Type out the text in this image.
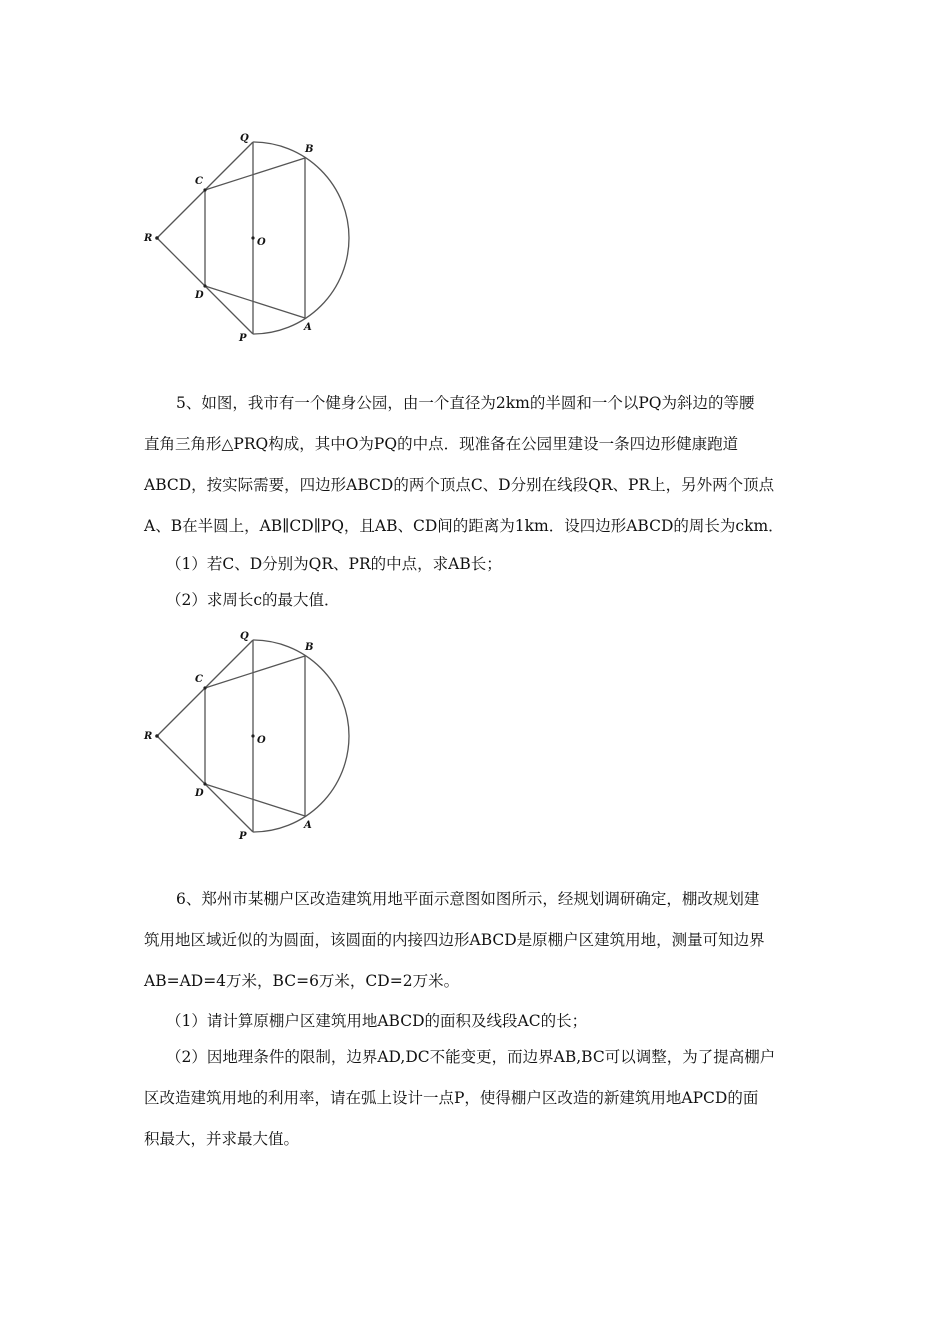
Q
B
C
R	O
D
P
A
5、如图，我市有一个健身公园，由一个直径为2km的半圆和一个以PQ为斜边的等腰
直角三角形△PRQ构成，其中O为PQ的中点．现准备在公园里建设一条四边形健康跑道
ABCD，按实际需要，四边形ABCD的两个顶点C、D分别在线段QR、PR上，另外两个顶点
A、B在半圆上，AB∥CD∥PQ，且AB、CD间的距离为1km．设四边形ABCD的周长为ckm．

（1）若C、D分别为QR、PR的中点，求AB长；

（2）求周长c的最大值．

Q
B
C
R	O
D
P
A
6、郑州市某棚户区改造建筑用地平面示意图如图所示，经规划调研确定，棚改规划建
筑用地区域近似的为圆面，该圆面的内接四边形ABCD是原棚户区建筑用地，测量可知边界
AB=AD=4万米，BC=6万米，CD=2万米。

（1）请计算原棚户区建筑用地ABCD的面积及线段AC的长；

（2）因地理条件的限制，边界AD,DC不能变更，而边界AB,BC可以调整，为了提高棚户
区改造建筑用地的利用率，请在弧上设计一点P，使得棚户区改造的新建筑用地APCD的面
积最大，并求最大值。
